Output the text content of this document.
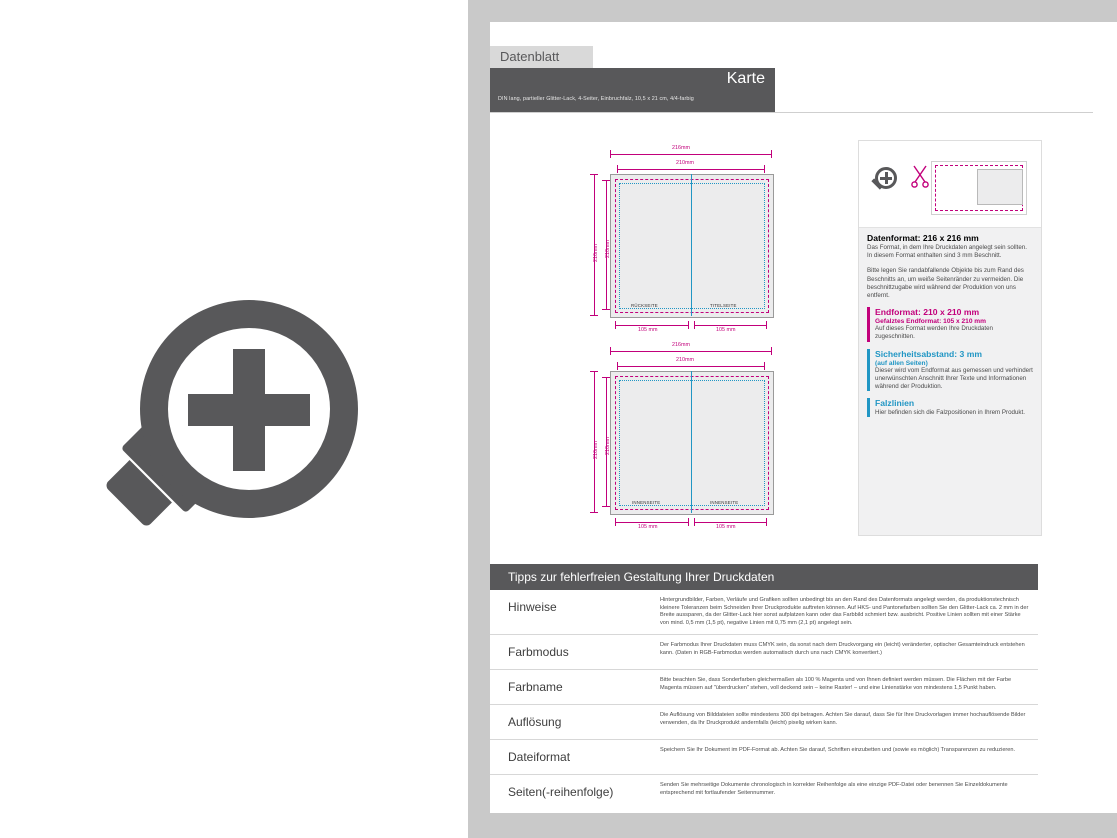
Datenblatt
Karte
DIN lang, partieller Glitter-Lack, 4-Seiter, Einbruchfalz, 10,5 x 21 cm, 4/4-farbig
216mm
210mm
RÜCKSEITE	TITELSEITE
216mm 210mm
105 mm	105 mm
216mm
210mm
INNENSEITE	INNENSEITE
216mm 210mm
105 mm	105 mm
Datenformat: 216 x 216 mm

Das Format, in dem Ihre Druckdaten angelegt sein sollten. In diesem Format enthalten sind 3 mm Beschnitt.

Bitte legen Sie randabfallende Objekte bis zum Rand des Beschnitts an, um weiße Seitenränder zu vermeiden. Die beschnittzugabe wird während der Produktion von uns entfernt.

Endformat: 210 x 210 mm
Gefalztes Endformat: 105 x 210 mm

Auf dieses Format werden Ihre Druckdaten zugeschnitten.

Sicherheitsabstand: 3 mm
(auf allen Seiten)

Dieser wird vom Endformat aus gemessen und verhindert unerwünschten Anschnitt Ihrer Texte und Informationen während der Produktion.

Falzlinien

Hier befinden sich die Falzpositionen in Ihrem Produkt.

Tipps zur fehlerfreien Gestaltung Ihrer Druckdaten
Hinweise	Hintergrundbilder, Farben, Verläufe und Grafiken sollten unbedingt bis an den Rand des Datenformats angelegt werden, da produktionstechnisch kleinere Toleranzen beim Schneiden Ihrer Druckprodukte auftreten können. Auf HKS- und Pantonefarben sollten Sie den Glitter-Lack ca. 2 mm in der Breite aussparen, da der Glitter-Lack hier sonst aufplatzen kann oder das Farbbild schmiert bzw. ausbricht. Positive Linien sollten mit einer Stärke von mind. 0,5 mm (1,5 pt), negative Linien mit 0,75 mm (2,1 pt) angelegt sein.
Farbmodus	Der Farbmodus Ihrer Druckdaten muss CMYK sein, da sonst nach dem Druckvorgang ein (leicht) veränderter, optischer Gesamteindruck entstehen kann. (Daten in RGB-Farbmodus werden automatisch durch uns nach CMYK konvertiert.)
Farbname	Bitte beachten Sie, dass Sonderfarben gleichermaßen als 100 % Magenta und von Ihnen definiert werden müssen. Die Flächen mit der Farbe Magenta müssen auf "überdrucken" stehen, voll deckend sein – keine Raster! – und eine Linienstärke von mindestens 1,5 Punkt haben.
Auflösung	Die Auflösung von Bilddateien sollte mindestens 300 dpi betragen. Achten Sie darauf, dass Sie für Ihre Druckvorlagen immer hochauflösende Bilder verwenden, da Ihr Druckprodukt andernfalls (leicht) pixelig wirken kann.
Dateiformat	Speichern Sie Ihr Dokument im PDF-Format ab. Achten Sie darauf, Schriften einzubetten und (sowie es möglich) Transparenzen zu reduzieren.
Seiten(-reihenfolge)	Senden Sie mehrseitige Dokumente chronologisch in korrekter Reihenfolge als eine einzige PDF-Datei oder benennen Sie Einzeldokumente entsprechend mit fortlaufender Seitennummer.
